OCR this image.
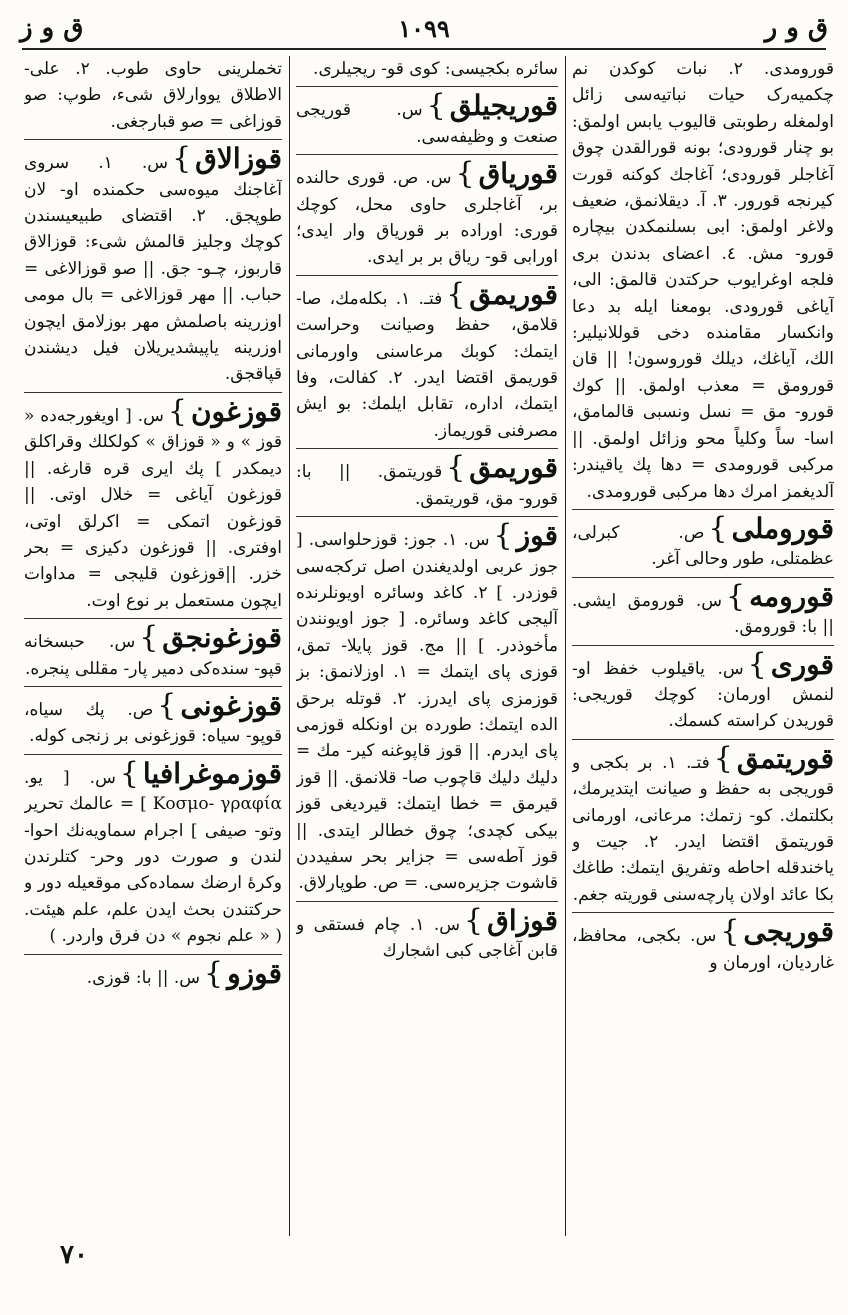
ق و ر
١٠٩٩
ق و ز
قورومدی. ٢. نبات کوکدن نم چکمیه‌رک حیات نباتیه‌سی زائل اولمغله رطوبتی قالیوب یابس اولمق: بو چنار قورودی؛ بونه قورالقدن چوق آغاجلر قورودی؛ آغاجك كوكنه قورت کیرنجه قورور. ٣. آ. دیقلانمق، ضعیف ولاغر اولمق: ابی بسلنمکدن بیچاره قورو- مش. ٤. اعضای بدندن بری فلجه اوغرایوب حرکتدن قالمق: الی، آیاغی قورودی. بومعنا ایله بد دعا وانکسار مقامنده دخی قوللانیلیر: الك، آیاغك، دیلك قوروسون! || قان قورومق = معذب اولمق. || کوك قورو- مق = نسل ونسبی قالمامق، اسا- ساً وکلیاً محو وزائل اولمق. || مرکبی قورومدی = دها پك یاقیندر: آلدیغمز امرك دها مرکبی قورومدی.
قوروملی}ص. کبرلی، عظمتلی، طور وحالی آغر.
قورومه}س. قورومق ایشی. || با: قورومق.
قوری}س. یاقیلوب خفظ او- لنمش اورمان: کوچك قوریجی: قوریدن کراسته کسمك.
قوریتمق}فتـ. ١. بر بکجی و قوریجی به حفظ و صیانت ایتدیرمك، بکلتمك. کو- زتمك: مرعانی، اورمانی قوریتمق اقتضا ایدر. ٢. جیت و یاخندقله احاطه وتفریق ایتمك: طاغك بکا عائد اولان پارچه‌سنی قوریته جغم.
قوریجی}س. بکجی، محافظ، غاردیان، اورمان و
سائره بکجیسی: کوی قو- ریجیلری.
قوریجیلق}س. قوریجی صنعت و وظیفه‌سی.
قوریاق}س. ص. قوری حالنده بر، آغاجلری حاوی محل، کوچك قوری: اوراده بر قوریاق وار ایدی؛ اورابی قو- ریاق بر بر ایدی.
قوریمق}فتـ. ١. بکله‌مك، صا- قلامق، حفظ وصیانت وحراست ایتمك: کوبك مرعاسنی واورمانی قوریمق اقتضا ایدر. ٢. کفالت، وفا ایتمك، اداره، تقابل ایلمك: بو ایش مصرفنی قوریماز.
قوریمق}قوریتمق. || با: قورو- مق، قوریتمق.
قوز}س. ١. جوز: قوزحلواسی. [ جوز عربی اولدیغندن اصل ترکجه‌سی قوزدر. ] ٢. کاغد وسائره اویونلرنده آلیجی کاغد وسائره. [ جوز اویونندن مأخوذدر. ] || مج. قوز پایلا- تمق، قوزی پای ایتمك = ١. اوزلانمق: بز قوزمزی پای ایدرز. ٢. قوتله برحق الده ایتمك: طورده بن اونکله قوزمی پای ایدرم. || قوز قاپوغنه کیر- مك = دلیك دلیك قاچوب صا- قلانمق. || قوز قیرمق = خطا ایتمك: قیردیغی قوز بیکی کچدی؛ چوق خطالر ایتدی. || قوز آطه‌سی = جزایر بحر سفیددن قاشوت جزیره‌سی. = ص. طوپارلاق.
قوزاق}س. ١. چام فستقی و قابن آغاجی کبی اشجارك
تخملرینی حاوی طوب. ٢. علی- الاطلاق یووارلاق شیء، طوپ: صو قوزاغی = صو قبارجغی.
قوزالاق}س. ١. سروی آغاجنك میوه‌سی حکمنده او- لان طوپجق. ٢. اقتضای طبیعیسندن کوچك وجلیز قالمش شیء: قوزالاق قاربوز، چـو- جق. || صو قوزالاغی = حباب. || مهر قوزالاغی = بال مومی اوزرینه باصلمش مهر بوزلامق ایچون اوزرینه یاپیشدیریلان فیل دیشندن قپاقجق.
قوزغون}س. [ اویغورجه‌ده « قوز » و « قوزاق » کولکلك وقراکلق دیمکدر ] پك ایری قره قارغه. || قوزغون آیاغی = خلال اوتی. || قوزغون اتمکی = اکرلق اوتی، اوفتری. || قوزغون دکیزی = بحر خزر. ||قوزغون قلیجی = مداوات ایچون مستعمل بر نوع اوت.
قوزغونجق}س. حبسخانه قپو- سنده‌کی دمیر پار- مقللی پنجره.
قوزغونی}ص. پك سیاه، قوپو- سیاه: قوزغونی بر زنجی کوله.
قوزموغرافیا}س. [ یو. Κοσμο- γραφία ] = عالمك تحریر وتو- صیفی ] اجرام سماویه‌نك احوا- لندن و صورت دور وحر- کتلرندن وکرهٔ ارضك سماده‌کی موقعیله دور و حرکتندن بحث ایدن علم، علم هیئت. ( « علم نجوم » دن فرق واردر. )
قوزو}س. || با: قوزی.
٧٠
